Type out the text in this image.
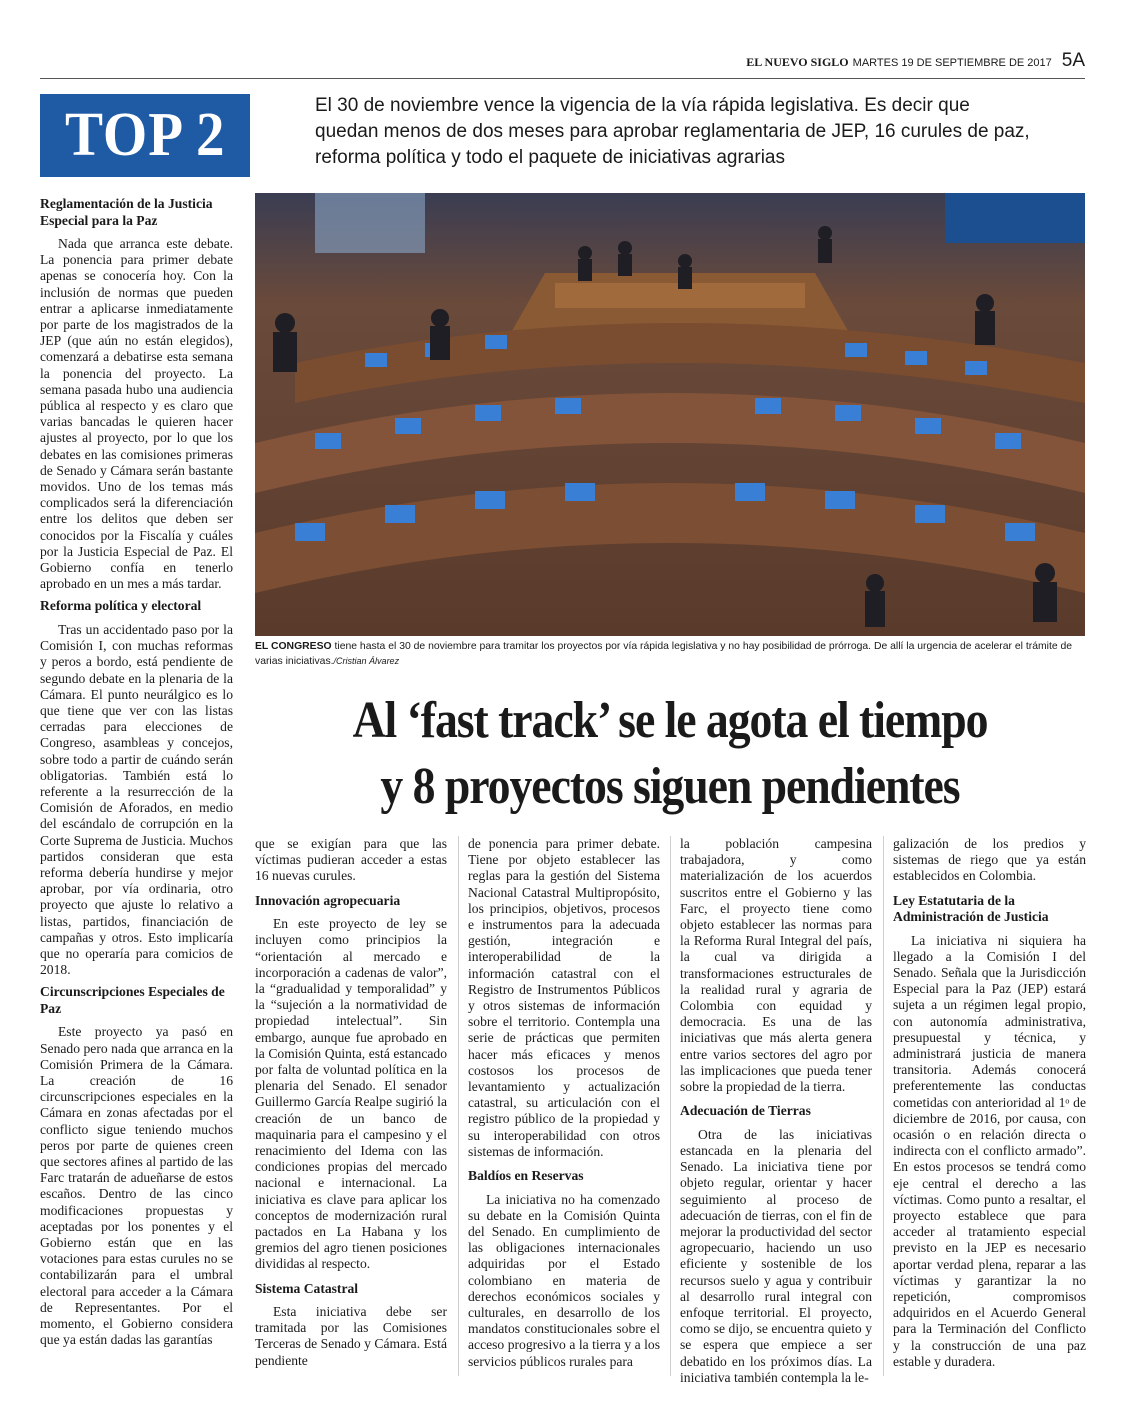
EL NUEVO SIGLO MARTES 19 DE SEPTIEMBRE DE 2017 5A
TOP 2	El 30 de noviembre vence la vigencia de la vía rápida legislativa. Es decir que quedan menos de dos meses para aprobar reglamentaria de JEP, 16 curules de paz, reforma política y todo el paquete de iniciativas agrarias
EL CONGRESO tiene hasta el 30 de noviembre para tramitar los proyectos por vía rápida legislativa y no hay posibilidad de prórroga. De allí la urgencia de acelerar el trámite de varias iniciativas./Cristian Álvarez
Al ‘fast track’ se le agota el tiempo
y 8 proyectos siguen pendientes
Reglamentación de la Justicia Especial para la Paz

Nada que arranca este debate. La ponencia para primer debate apenas se conocería hoy. Con la inclusión de normas que pueden entrar a aplicarse inmediatamente por parte de los magistrados de la JEP (que aún no están elegidos), comenzará a debatirse esta semana la ponencia del proyecto. La semana pasada hubo una audiencia pública al respecto y es claro que varias bancadas le quieren hacer ajustes al proyecto, por lo que los debates en las comisiones primeras de Senado y Cámara serán bastante movidos. Uno de los temas más complicados será la diferenciación entre los delitos que deben ser conocidos por la Fiscalía y cuáles por la Justicia Especial de Paz. El Gobierno confía en tenerlo aprobado en un mes a más tardar.

Reforma política y electoral

Tras un accidentado paso por la Comisión I, con muchas reformas y peros a bordo, está pendiente de segundo debate en la plenaria de la Cámara. El punto neurálgico es lo que tiene que ver con las listas cerradas para elecciones de Congreso, asambleas y concejos, sobre todo a partir de cuándo serán obligatorias. También está lo referente a la resurrección de la Comisión de Aforados, en medio del escándalo de corrupción en la Corte Suprema de Justicia. Muchos partidos consideran que esta reforma debería hundirse y mejor aprobar, por vía ordinaria, otro proyecto que ajuste lo relativo a listas, partidos, financiación de campañas y otros. Esto implicaría que no operaría para comicios de 2018.

Circunscripciones Especiales de Paz

Este proyecto ya pasó en Senado pero nada que arranca en la Comisión Primera de la Cámara. La creación de 16 circunscripciones especiales en la Cámara en zonas afectadas por el conflicto sigue teniendo muchos peros por parte de quienes creen que sectores afines al partido de las Farc tratarán de adueñarse de estos escaños. Dentro de las cinco modificaciones propuestas y aceptadas por los ponentes y el Gobierno están que en las votaciones para estas curules no se contabilizarán para el umbral electoral para acceder a la Cámara de Representantes. Por el momento, el Gobierno considera que ya están dadas las garantías

que se exigían para que las víctimas pudieran acceder a estas 16 nuevas curules.

Innovación agropecuaria

En este proyecto de ley se incluyen como principios la “orientación al mercado e incorporación a cadenas de valor”, la “gradualidad y temporalidad” y la “sujeción a la normatividad de propiedad intelectual”. Sin embargo, aunque fue aprobado en la Comisión Quinta, está estancado por falta de voluntad política en la plenaria del Senado. El senador Guillermo García Realpe sugirió la creación de un banco de maquinaria para el campesino y el renacimiento del Idema con las condiciones propias del mercado nacional e internacional. La iniciativa es clave para aplicar los conceptos de modernización rural pactados en La Habana y los gremios del agro tienen posiciones divididas al respecto.

Sistema Catastral

Esta iniciativa debe ser tramitada por las Comisiones Terceras de Senado y Cámara. Está pendiente

de ponencia para primer debate. Tiene por objeto establecer las reglas para la gestión del Sistema Nacional Catastral Multipropósito, los principios, objetivos, procesos e instrumentos para la adecuada gestión, integración e interoperabilidad de la información catastral con el Registro de Instrumentos Públicos y otros sistemas de información sobre el territorio. Contempla una serie de prácticas que permiten hacer más eficaces y menos costosos los procesos de levantamiento y actualización catastral, su articulación con el registro público de la propiedad y su interoperabilidad con otros sistemas de información.

Baldíos en Reservas

La iniciativa no ha comenzado su debate en la Comisión Quinta del Senado. En cumplimiento de las obligaciones internacionales adquiridas por el Estado colombiano en materia de derechos económicos sociales y culturales, en desarrollo de los mandatos constitucionales sobre el acceso progresivo a la tierra y a los servicios públicos rurales para

la población campesina trabajadora, y como materialización de los acuerdos suscritos entre el Gobierno y las Farc, el proyecto tiene como objeto establecer las normas para la Reforma Rural Integral del país, la cual va dirigida a transformaciones estructurales de la realidad rural y agraria de Colombia con equidad y democracia. Es una de las iniciativas que más alerta genera entre varios sectores del agro por las implicaciones que pueda tener sobre la propiedad de la tierra.

Adecuación de Tierras

Otra de las iniciativas estancada en la plenaria del Senado. La iniciativa tiene por objeto regular, orientar y hacer seguimiento al proceso de adecuación de tierras, con el fin de mejorar la productividad del sector agropecuario, haciendo un uso eficiente y sostenible de los recursos suelo y agua y contribuir al desarrollo rural integral con enfoque territorial. El proyecto, como se dijo, se encuentra quieto y se espera que empiece a ser debatido en los próximos días. La iniciativa también contempla la le-

galización de los predios y sistemas de riego que ya están establecidos en Colombia.

Ley Estatutaria de la Administración de Justicia

La iniciativa ni siquiera ha llegado a la Comisión I del Senado. Señala que la Jurisdicción Especial para la Paz (JEP) estará sujeta a un régimen legal propio, con autonomía administrativa, presupuestal y técnica, y administrará justicia de manera transitoria. Además conocerá preferentemente las conductas cometidas con anterioridad al 1ᵒ de diciembre de 2016, por causa, con ocasión o en relación directa o indirecta con el conflicto armado”. En estos procesos se tendrá como eje central el derecho a las víctimas. Como punto a resaltar, el proyecto establece que para acceder al tratamiento especial previsto en la JEP es necesario aportar verdad plena, reparar a las víctimas y garantizar la no repetición, compromisos adquiridos en el Acuerdo General para la Terminación del Conflicto y la construcción de una paz estable y duradera.
